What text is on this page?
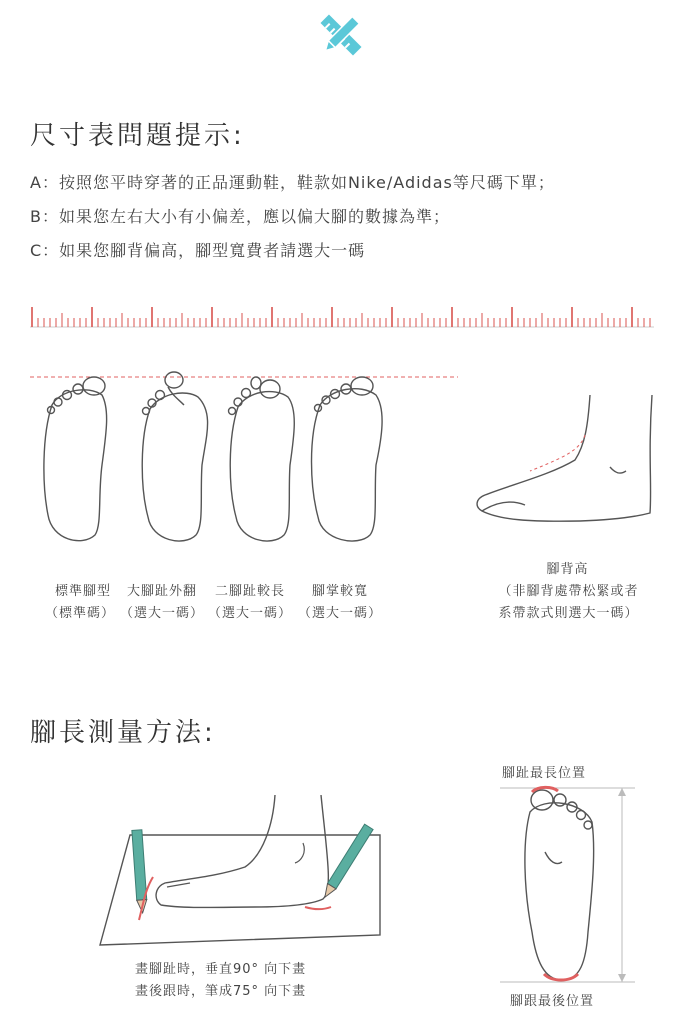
尺寸表問題提示:
A：按照您平時穿著的正品運動鞋，鞋款如Nike/Adidas等尺碼下單；
B：如果您左右大小有小偏差，應以偏大腳的數據為準；
C：如果您腳背偏高，腳型寬費者請選大一碼
標準腳型	大腳趾外翻	二腳趾較長	腳掌較寬
（標準碼） （選大一碼） （選大一碼） （選大一碼）
腳背高
（非腳背處帶松緊或者
系帶款式則選大一碼）
腳長測量方法:
畫腳趾時，垂直90° 向下畫
畫後跟時，筆成75° 向下畫
腳趾最長位置
腳跟最後位置
